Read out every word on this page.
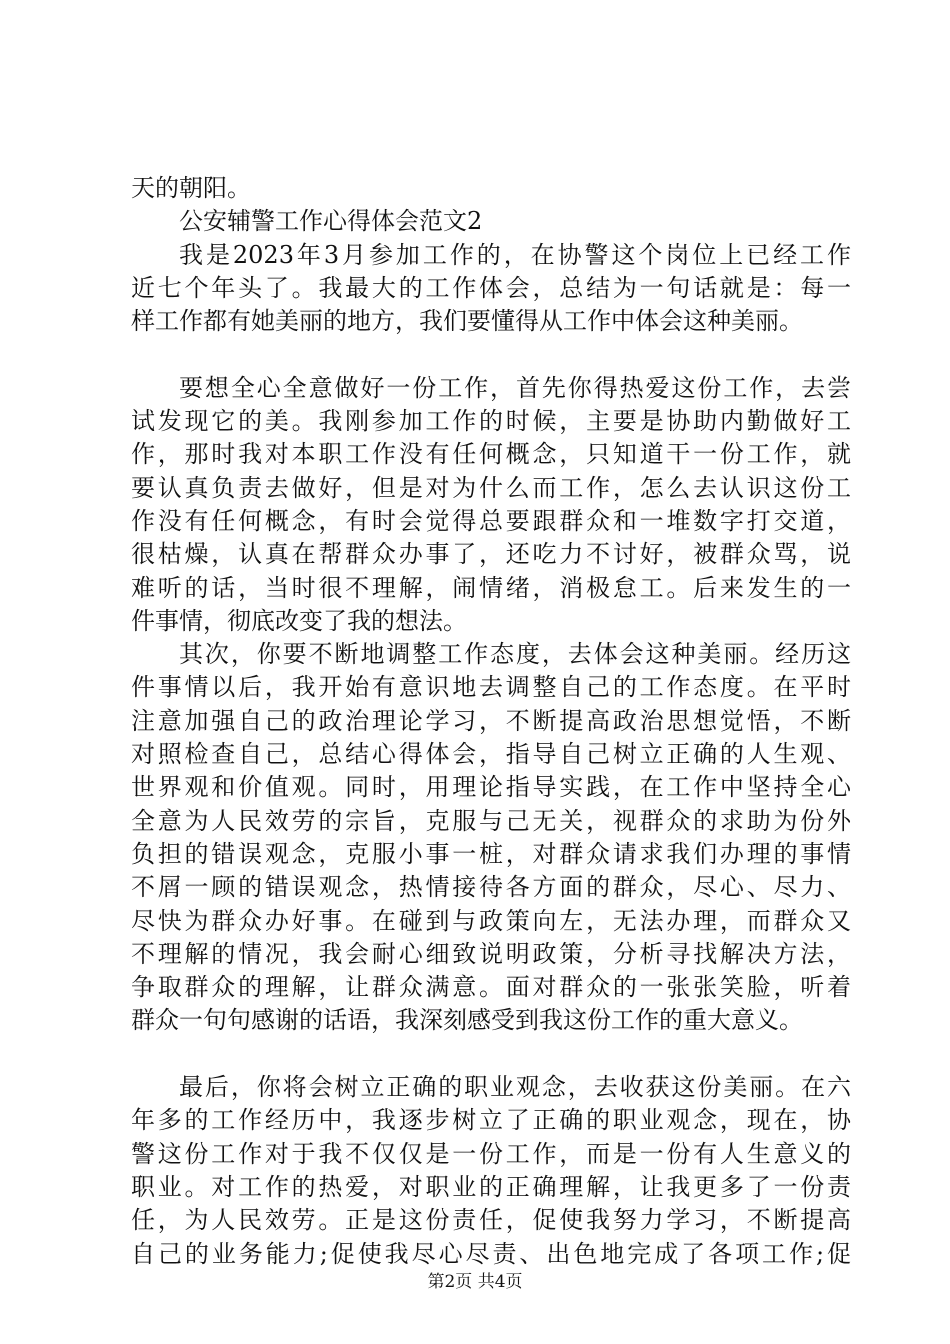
天的朝阳。
公安辅警工作心得体会范文2
我是2023年3月参加工作的，在协警这个岗位上已经工作
近七个年头了。我最大的工作体会，总结为一句话就是：每一
样工作都有她美丽的地方，我们要懂得从工作中体会这种美丽。
要想全心全意做好一份工作，首先你得热爱这份工作，去尝
试发现它的美。我刚参加工作的时候，主要是协助内勤做好工
作，那时我对本职工作没有任何概念，只知道干一份工作，就
要认真负责去做好，但是对为什么而工作，怎么去认识这份工
作没有任何概念，有时会觉得总要跟群众和一堆数字打交道，
很枯燥，认真在帮群众办事了，还吃力不讨好，被群众骂，说
难听的话，当时很不理解，闹情绪，消极怠工。后来发生的一
件事情，彻底改变了我的想法。
其次，你要不断地调整工作态度，去体会这种美丽。经历这
件事情以后，我开始有意识地去调整自己的工作态度。在平时
注意加强自己的政治理论学习，不断提高政治思想觉悟，不断
对照检查自己，总结心得体会，指导自己树立正确的人生观、
世界观和价值观。同时，用理论指导实践，在工作中坚持全心
全意为人民效劳的宗旨，克服与己无关，视群众的求助为份外
负担的错误观念，克服小事一桩，对群众请求我们办理的事情
不屑一顾的错误观念，热情接待各方面的群众，尽心、尽力、
尽快为群众办好事。在碰到与政策向左，无法办理，而群众又
不理解的情况，我会耐心细致说明政策，分析寻找解决方法，
争取群众的理解，让群众满意。面对群众的一张张笑脸，听着
群众一句句感谢的话语，我深刻感受到我这份工作的重大意义。
最后，你将会树立正确的职业观念，去收获这份美丽。在六
年多的工作经历中，我逐步树立了正确的职业观念，现在，协
警这份工作对于我不仅仅是一份工作，而是一份有人生意义的
职业。对工作的热爱，对职业的正确理解，让我更多了一份责
任，为人民效劳。正是这份责任，促使我努力学习，不断提高
自己的业务能力;促使我尽心尽责、出色地完成了各项工作;促
第2页 共4页
